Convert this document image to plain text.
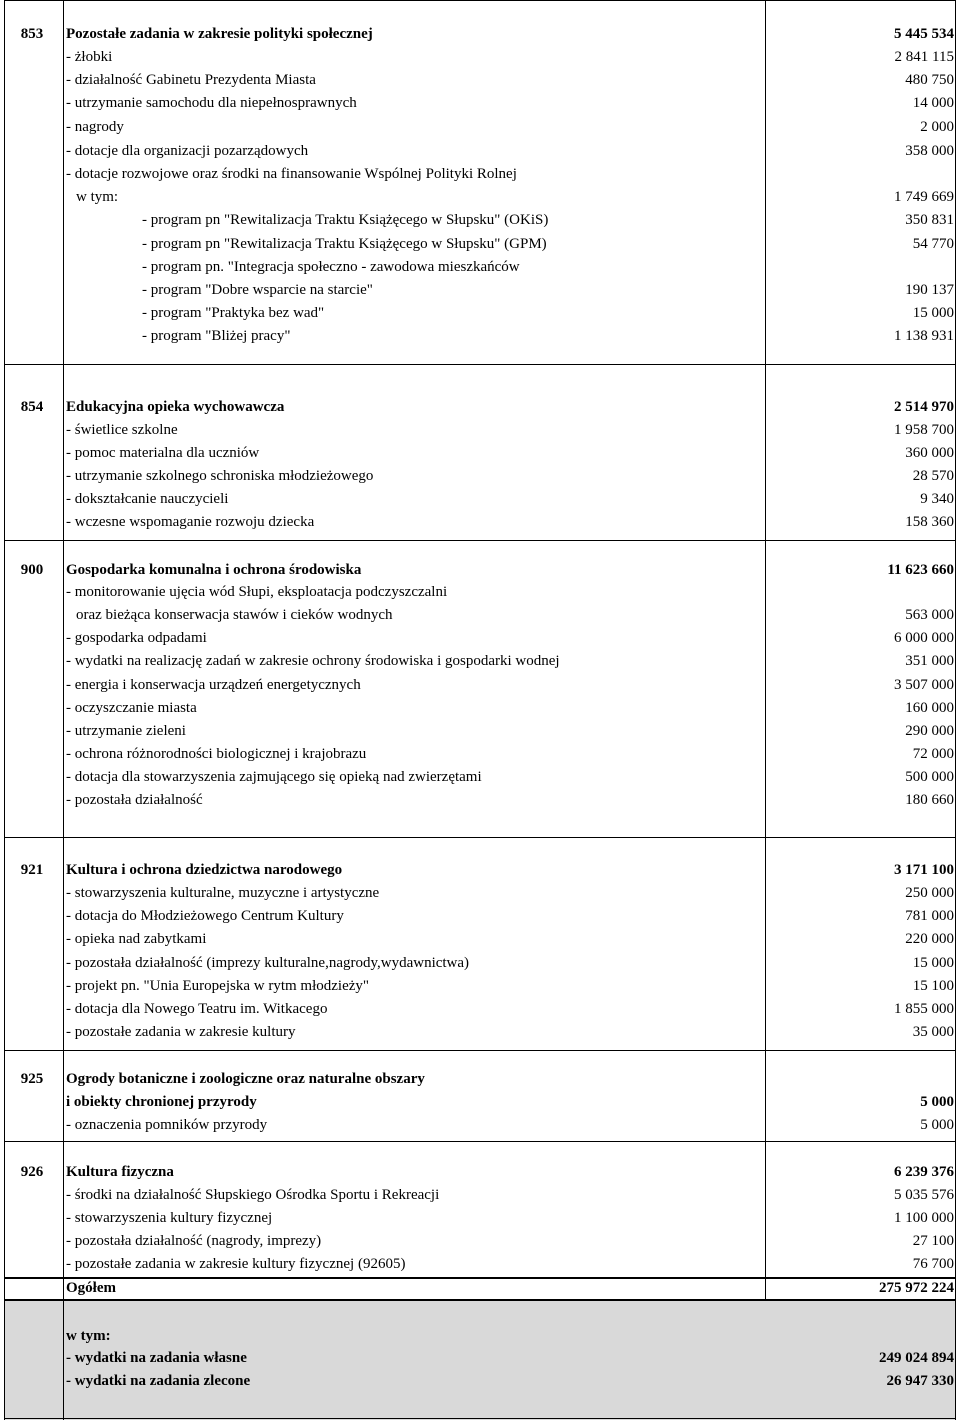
853	Pozostałe zadania w zakresie polityki społecznej	5 445 534
- żłobki	2 841 115
- działalność Gabinetu Prezydenta Miasta	480 750
- utrzymanie samochodu dla niepełnosprawnych	14 000
- nagrody	2 000
- dotacje dla organizacji pozarządowych	358 000
- dotacje rozwojowe oraz środki na finansowanie Wspólnej Polityki Rolnej
w tym:	1 749 669
- program pn "Rewitalizacja Traktu Książęcego w Słupsku" (OKiS)	350 831
- program pn "Rewitalizacja Traktu Książęcego w Słupsku" (GPM)	54 770
- program pn. "Integracja społeczno - zawodowa mieszkańców
- program "Dobre wsparcie na starcie"	190 137
- program "Praktyka bez wad"	15 000
- program "Bliżej pracy"	1 138 931
854	Edukacyjna opieka wychowawcza	2 514 970
- świetlice szkolne	1 958 700
- pomoc materialna dla uczniów	360 000
- utrzymanie szkolnego schroniska młodzieżowego	28 570
- dokształcanie nauczycieli	9 340
- wczesne wspomaganie rozwoju dziecka	158 360
900	Gospodarka komunalna i ochrona środowiska	11 623 660
- monitorowanie ujęcia wód Słupi, eksploatacja podczyszczalni
oraz bieżąca konserwacja stawów i cieków wodnych	563 000
- gospodarka odpadami	6 000 000
- wydatki na realizację zadań w zakresie ochrony środowiska i gospodarki wodnej	351 000
- energia i konserwacja urządzeń energetycznych	3 507 000
- oczyszczanie miasta	160 000
- utrzymanie zieleni	290 000
- ochrona różnorodności biologicznej i krajobrazu	72 000
- dotacja dla stowarzyszenia zajmującego się opieką nad zwierzętami	500 000
- pozostała działalność	180 660
921	Kultura i ochrona dziedzictwa narodowego	3 171 100
- stowarzyszenia kulturalne, muzyczne i artystyczne	250 000
- dotacja do Młodzieżowego Centrum Kultury	781 000
- opieka nad zabytkami	220 000
- pozostała działalność (imprezy kulturalne,nagrody,wydawnictwa)	15 000
- projekt pn. "Unia Europejska w rytm młodzieży"	15 100
- dotacja dla Nowego Teatru im. Witkacego	1 855 000
- pozostałe zadania w zakresie kultury	35 000
925	Ogrody botaniczne i zoologiczne oraz naturalne obszary
i obiekty chronionej przyrody	5 000
- oznaczenia pomników przyrody	5 000
926	Kultura fizyczna	6 239 376
- środki na działalność Słupskiego Ośrodka Sportu i Rekreacji	5 035 576
- stowarzyszenia kultury fizycznej	1 100 000
- pozostała działalność (nagrody, imprezy)	27 100
- pozostałe zadania w zakresie kultury fizycznej (92605)	76 700
Ogółem	275 972 224
w tym:
- wydatki na zadania własne	249 024 894
- wydatki na zadania zlecone	26 947 330
